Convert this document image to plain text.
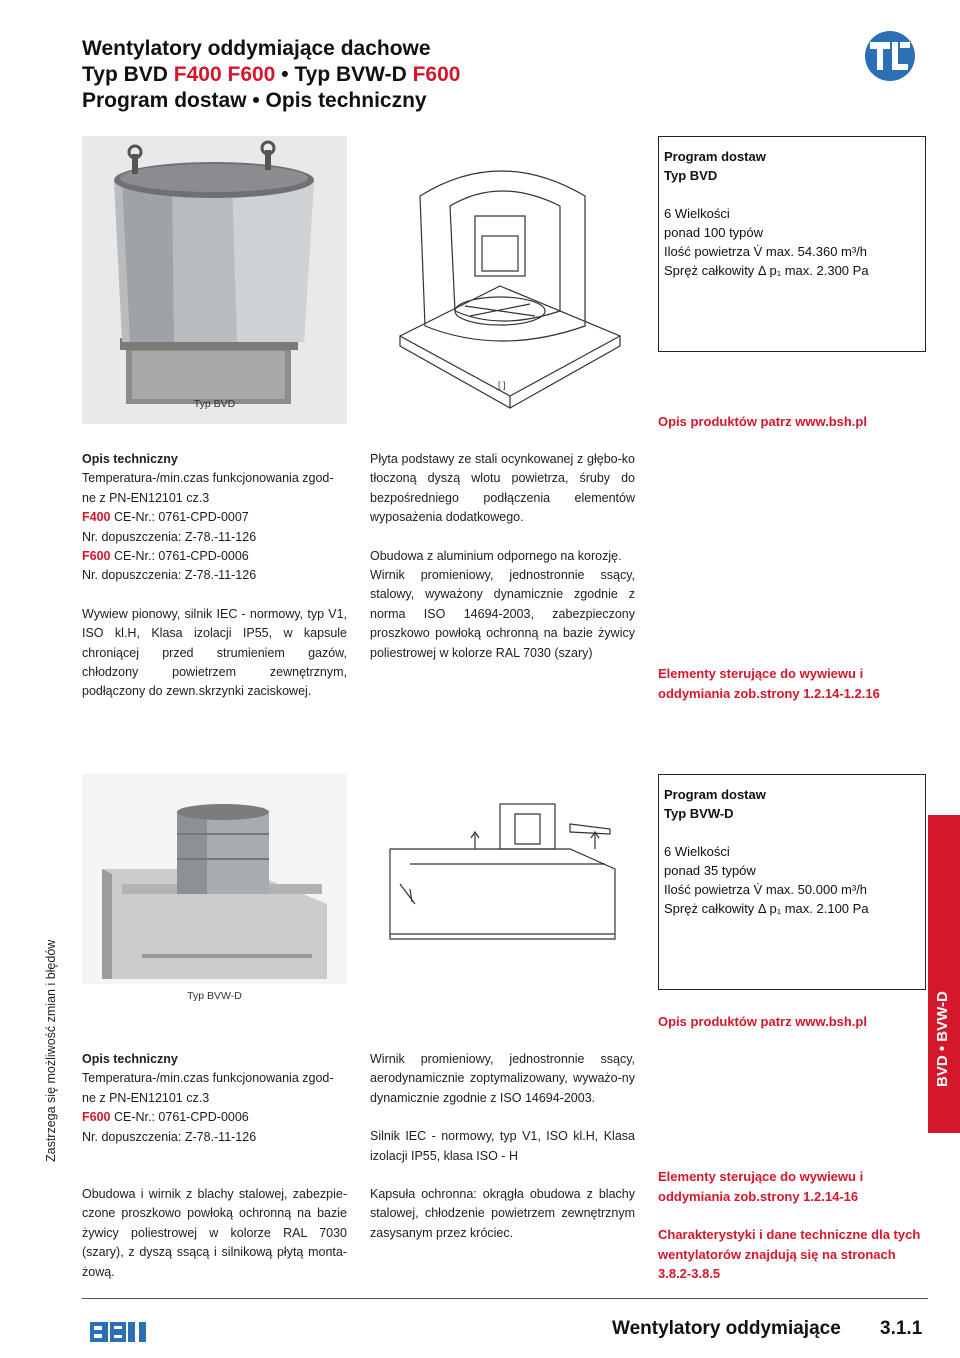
Wentylatory oddymiające dachowe
Typ BVD F400 F600 • Typ BVW-D F600
Program dostaw • Opis techniczny
Typ BVD
[ ]
Program dostaw
Typ BVD
6 Wielkości
ponad 100 typów
Ilość powietrza V̇ max. 54.360 m³/h
Spręż całkowity Δ p₁ max. 2.300 Pa
Opis produktów patrz www.bsh.pl

Opis techniczny

Temperatura-/min.czas funkcjonowania zgod-ne z PN-EN12101 cz.3

F400 CE-Nr.: 0761-CPD-0007

Nr. dopuszczenia: Z-78.-11-126

F600 CE-Nr.: 0761-CPD-0006

Nr. dopuszczenia: Z-78.-11-126

Wywiew pionowy, silnik IEC - normowy, typ V1, ISO kl.H, Klasa izolacji IP55, w kapsule chroniącej przed strumieniem gazów, chłodzony powietrzem zewnętrznym, podłączony do zewn.skrzynki zaciskowej.

Płyta podstawy ze stali ocynkowanej z głębo-ko tłoczoną dyszą wlotu powietrza, śruby do bezpośredniego podłączenia elementów wyposażenia dodatkowego.

Obudowa z aluminium odpornego na korozję.

Wirnik promieniowy, jednostronnie ssący, stalowy, wyważony dynamicznie zgodnie z norma ISO 14694-2003, zabezpieczony proszkowo powłoką ochronną na bazie żywicy poliestrowej w kolorze RAL 7030 (szary)

Elementy sterujące do wywiewu i oddymiania zob.strony 1.2.14-1.2.16
Typ BVW-D
Program dostaw
Typ BVW-D
6 Wielkości
ponad 35 typów
Ilość powietrza V̇ max. 50.000 m³/h
Spręż całkowity Δ p₁ max. 2.100 Pa
Opis produktów patrz www.bsh.pl

Opis techniczny

Temperatura-/min.czas funkcjonowania zgod-ne z PN-EN12101 cz.3

F600 CE-Nr.: 0761-CPD-0006

Nr. dopuszczenia: Z-78.-11-126

Obudowa i wirnik z blachy stalowej, zabezpie-czone proszkowo powłoką ochronną na bazie żywicy poliestrowej w kolorze RAL 7030 (szary), z dyszą ssącą i silnikową płytą monta-żową.

Wirnik promieniowy, jednostronnie ssący, aerodynamicznie zoptymalizowany, wyważo-ny dynamicznie zgodnie z ISO 14694-2003.

Silnik IEC - normowy, typ V1, ISO kl.H, Klasa izolacji IP55, klasa ISO - H

Kapsuła ochronna: okrągła obudowa z blachy stalowej, chłodzenie powietrzem zewnętrznym zasysanym przez króciec.

Elementy sterujące do wywiewu i oddymiania zob.strony 1.2.14-16
Charakterystyki i dane techniczne dla tych wentylatorów znajdują się na stronach 3.8.2-3.8.5
Zastrzega się możliwość zmian i błędów	BVD • BVW-D
Wentylatory oddymiające 3.1.1
